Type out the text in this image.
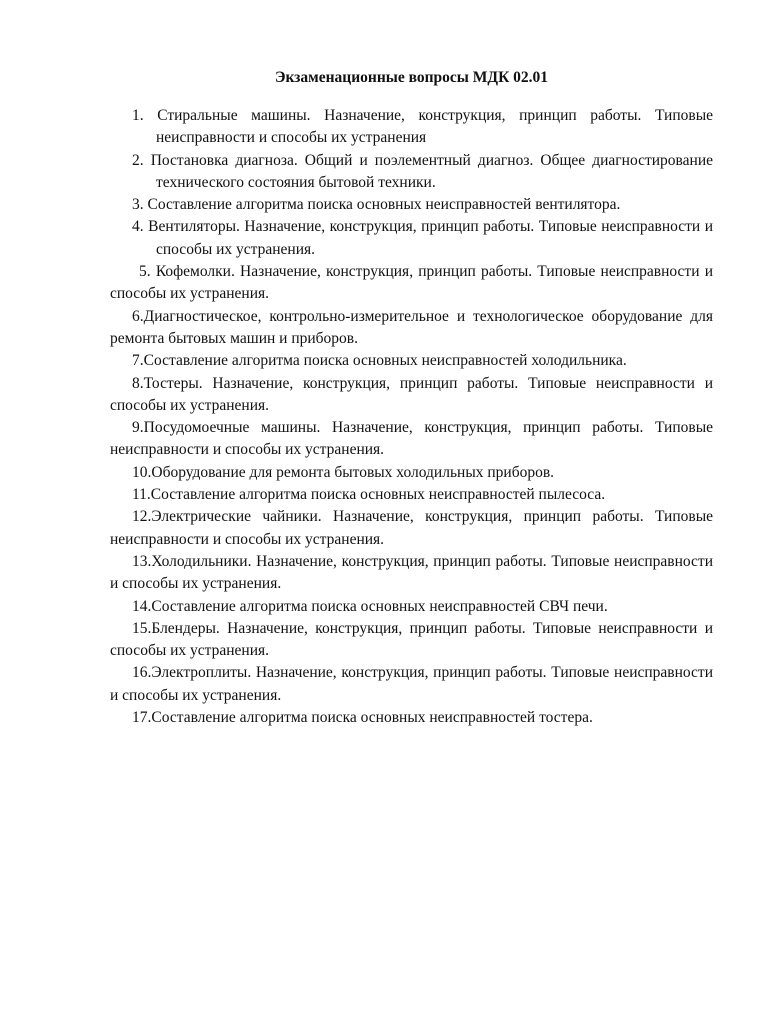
Экзаменационные вопросы МДК 02.01

1. Стиральные машины. Назначение, конструкция, принцип работы. Типовые неисправности и способы их устранения

2. Постановка диагноза. Общий и поэлементный диагноз. Общее диагностирование технического состояния бытовой техники.

3. Составление алгоритма поиска основных неисправностей вентилятора.

4. Вентиляторы. Назначение, конструкция, принцип работы. Типовые неисправности и способы их устранения.

5. Кофемолки. Назначение, конструкция, принцип работы. Типовые неисправности и способы их устранения.

6.Диагностическое, контрольно-измерительное и технологическое оборудование для ремонта бытовых машин и приборов.

7.Составление алгоритма поиска основных неисправностей холодильника.

8.Тостеры. Назначение, конструкция, принцип работы. Типовые неисправности и способы их устранения.

9.Посудомоечные машины. Назначение, конструкция, принцип работы. Типовые неисправности и способы их устранения.

10.Оборудование для ремонта бытовых холодильных приборов.

11.Составление алгоритма поиска основных неисправностей пылесоса.

12.Электрические чайники. Назначение, конструкция, принцип работы. Типовые неисправности и способы их устранения.

13.Холодильники. Назначение, конструкция, принцип работы. Типовые неисправности и способы их устранения.

14.Составление алгоритма поиска основных неисправностей СВЧ печи.

15.Блендеры. Назначение, конструкция, принцип работы. Типовые неисправности и способы их устранения.

16.Электроплиты. Назначение, конструкция, принцип работы. Типовые неисправности и способы их устранения.

17.Составление алгоритма поиска основных неисправностей тостера.
